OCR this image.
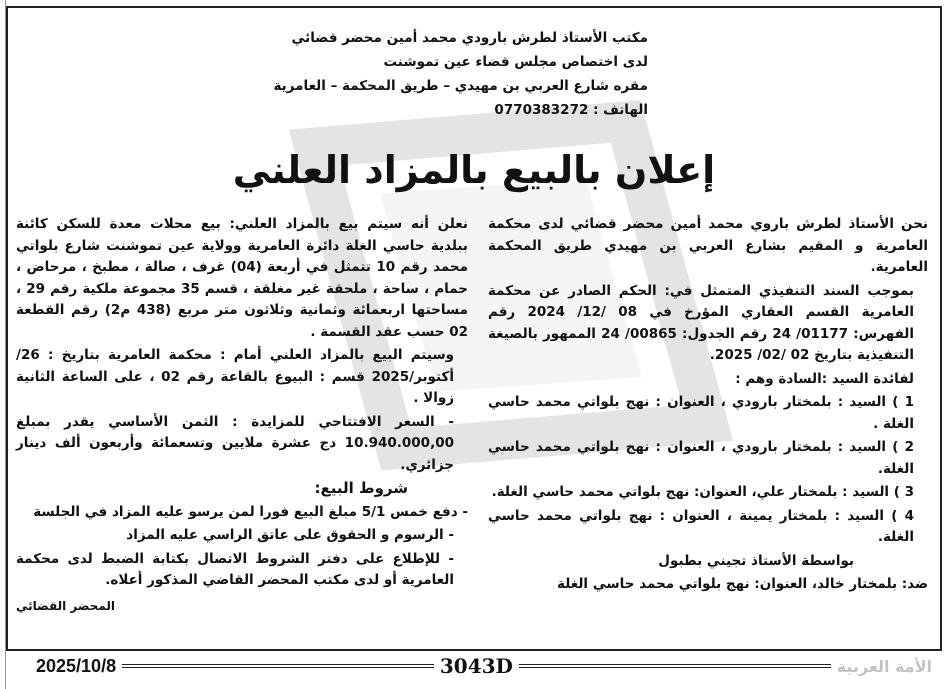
مكتب الأستاذ لطرش بارودي محمد أمين محضر قضائي
لدى اختصاص مجلس قضاء عين تموشنت
مقره شارع العربي بن مهيدي – طريق المحكمة – العامرية
الهاتف : 0770383272
إعلان بالبيع بالمزاد العلني

نحن الأستاذ لطرش باروي محمد أمين محضر قضائي لدى محكمة العامرية و المقيم بشارع العربي بن مهيدي طريق المحكمة العامرية.

بموجب السند التنفيذي المتمثل في: الحكم الصادر عن محكمة العامرية القسم العقاري المؤرخ في 08 /12/ 2024 رقم الفهرس: 01177/ 24 رقم الجدول: 00865/ 24 الممهور بالصيغة التنفيذية بتاريخ 02 /02/ 2025.

لفائدة السيد :السادة وهم :

1 ) السيد : بلمختار بارودي ، العنوان : نهج بلواتي محمد حاسي الغلة .

2 ) السيد : بلمختار بارودي ، العنوان : نهج بلواتي محمد حاسي الغلة.

3 ) السيد : بلمختار علي، العنوان: نهج بلواتي محمد حاسي الغلة.

4 ) السيد : بلمختار يمينة ، العنوان : نهج بلواتي محمد حاسي الغلة.

بواسطة الأستاذ تجيني بطبول

ضد: بلمختار خالد، العنوان: نهج بلواتي محمد حاسي الغلة

نعلن أنه سيتم بيع بالمزاد العلني: بيع محلات معدة للسكن كائنة ببلدية حاسي الغلة دائرة العامرية وولاية عين تموشنت شارع بلواتي محمد رقم 10 تتمثل في أربعة (04) غرف ، صالة ، مطبخ ، مرحاض ، حمام ، ساحة ، ملحقة غير مغلقة ، قسم 35 مجموعة ملكية رقم 29 ، مساحتها اربعمائة وثمانية وثلاثون متر مربع (438 م2) رقم القطعة 02 حسب عقد القسمة .

وسيتم البيع بالمزاد العلني أمام : محكمة العامرية بتاريخ : 26/أكتوبر/2025 قسم : البيوع بالقاعة رقم 02 ، على الساعة الثانية زوالا .

- السعر الافتتاحي للمزايدة : الثمن الأساسي يقدر بمبلغ 10.940.000,00 دج عشرة ملايين وتسعمائة وأربعون ألف دينار جزائري.

شروط البيع:

- دفع خمس 5/1 مبلغ البيع فورا لمن يرسو عليه المزاد في الجلسة

- الرسوم و الحقوق على عاتق الراسي عليه المزاد

- للإطلاع على دفتر الشروط الاتصال بكتابة الضبط لدى محكمة العامرية أو لدى مكتب المحضر القاضي المذكور أعلاه.

المحضر القضائي
2025/10/8	3043D	الأمة العربية
